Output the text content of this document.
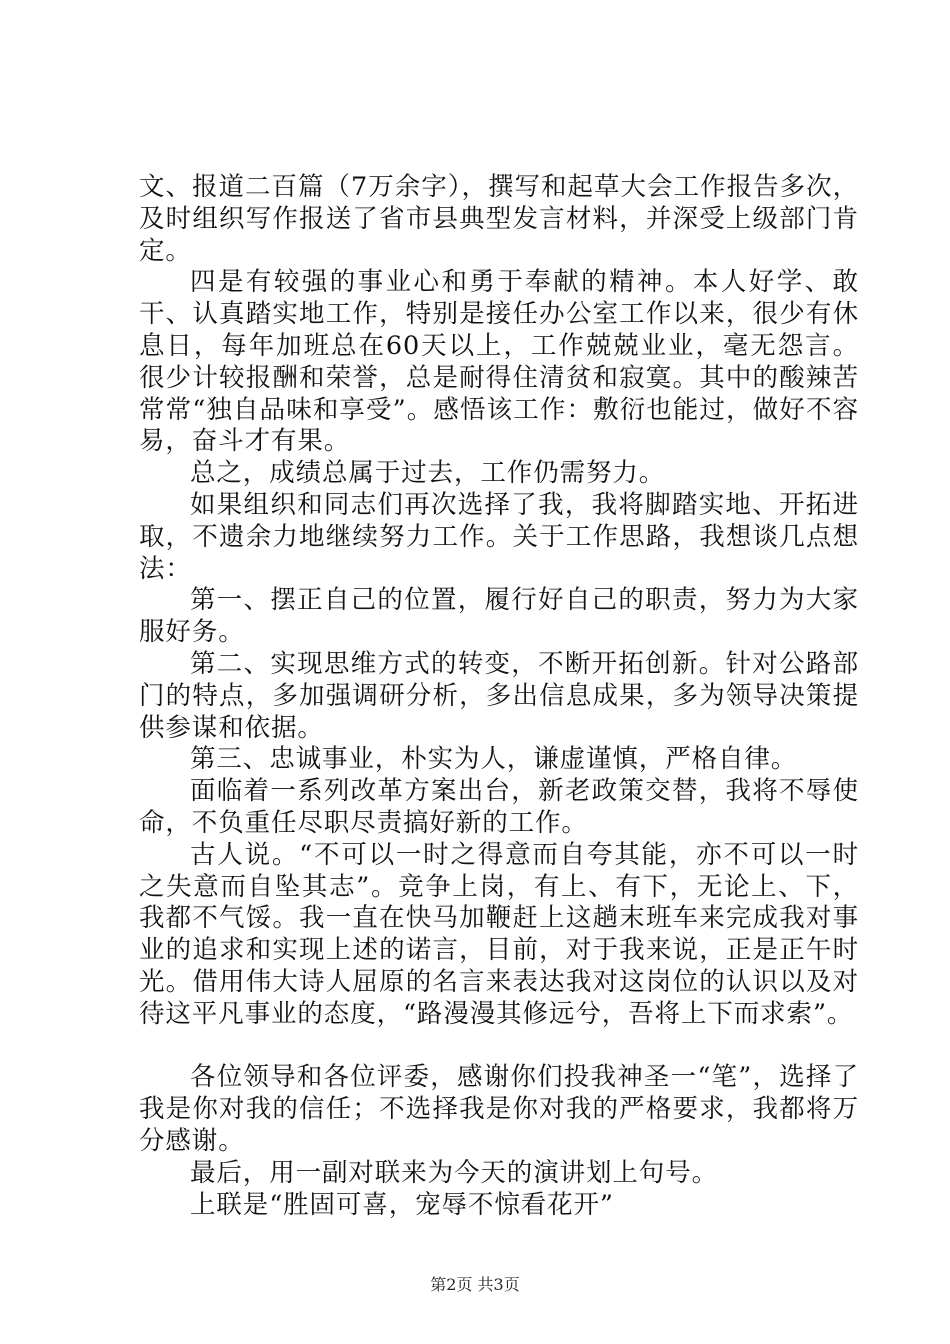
文、报道二百篇（7万余字），撰写和起草大会工作报告多次，及时组织写作报送了省市县典型发言材料，并深受上级部门肯定。

四是有较强的事业心和勇于奉献的精神。本人好学、敢干、认真踏实地工作，特别是接任办公室工作以来，很少有休息日，每年加班总在60天以上，工作兢兢业业，毫无怨言。很少计较报酬和荣誉，总是耐得住清贫和寂寞。其中的酸辣苦常常“独自品味和享受”。感悟该工作：敷衍也能过，做好不容易，奋斗才有果。

总之，成绩总属于过去，工作仍需努力。

如果组织和同志们再次选择了我，我将脚踏实地、开拓进取，不遗余力地继续努力工作。关于工作思路，我想谈几点想法：

第一、摆正自己的位置，履行好自己的职责，努力为大家服好务。

第二、实现思维方式的转变，不断开拓创新。针对公路部门的特点，多加强调研分析，多出信息成果，多为领导决策提供参谋和依据。

第三、忠诚事业，朴实为人，谦虚谨慎，严格自律。

面临着一系列改革方案出台，新老政策交替，我将不辱使命，不负重任尽职尽责搞好新的工作。

古人说。“不可以一时之得意而自夸其能，亦不可以一时之失意而自坠其志”。竞争上岗，有上、有下，无论上、下，我都不气馁。我一直在快马加鞭赶上这趟末班车来完成我对事业的追求和实现上述的诺言，目前，对于我来说，正是正午时光。借用伟大诗人屈原的名言来表达我对这岗位的认识以及对待这平凡事业的态度，“路漫漫其修远兮，吾将上下而求索”。

各位领导和各位评委，感谢你们投我神圣一“笔”，选择了我是你对我的信任；不选择我是你对我的严格要求，我都将万分感谢。

最后，用一副对联来为今天的演讲划上句号。

上联是“胜固可喜，宠辱不惊看花开”

第2页 共3页
